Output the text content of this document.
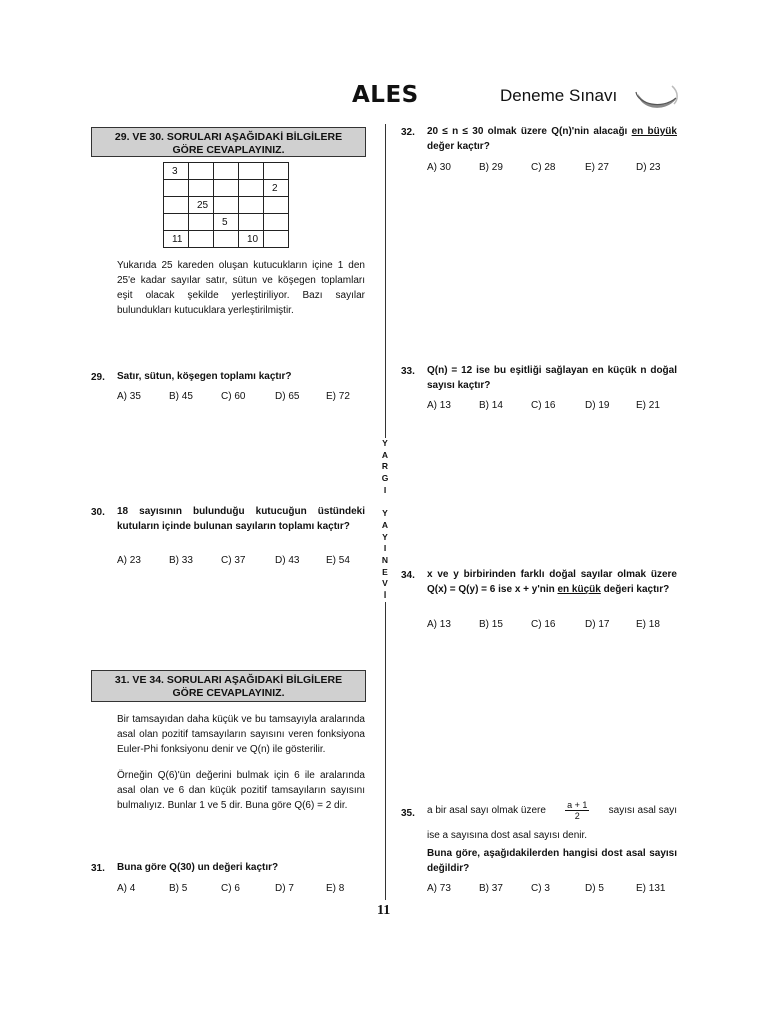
ALES	Deneme Sınavı
Y
A
R
G
I

Y
A
Y
I
N
E
V
İ
29. VE 30. SORULARI AŞAĞIDAKİ BİLGİLERE
GÖRE CEVAPLAYINIZ.
3				
				2
	25			
		5		
11			10	
Yukarıda 25 kareden oluşan kutucukların içine 1 den 25'e kadar sayılar satır, sütun ve köşegen toplamları eşit olacak şekilde yerleştiriliyor. Bazı sayılar bulundukları kutucuklara yerleştirilmiştir.
29. Satır, sütun, köşegen toplamı kaçtır?
A) 35	B) 45	C) 60	D) 65	E) 72
30. 18 sayısının bulunduğu kutucuğun üstündeki kutuların içinde bulunan sayıların toplamı kaçtır?
A) 23	B) 33	C) 37	D) 43	E) 54
31. VE 34. SORULARI AŞAĞIDAKİ BİLGİLERE
GÖRE CEVAPLAYINIZ.
Bir tamsayıdan daha küçük ve bu tamsayıyla aralarında asal olan pozitif tamsayıların sayısını veren fonksiyona Euler-Phi fonksiyonu denir ve Q(n) ile gösterilir.
Örneğin Q(6)'ün değerini bulmak için 6 ile aralarında asal olan ve 6 dan küçük pozitif tamsayıların sayısını bulmalıyız. Bunlar 1 ve 5 dir. Buna göre Q(6) = 2 dir.
31. Buna göre Q(30) un değeri kaçtır?
A) 4	B) 5	C) 6	D) 7	E) 8
32. 20 ≤ n ≤ 30 olmak üzere Q(n)'nin alacağı en büyük değer kaçtır?
A) 30	B) 29	C) 28	E) 27	D) 23
33. Q(n) = 12 ise bu eşitliği sağlayan en küçük n doğal sayısı kaçtır?
A) 13	B) 14	C) 16	D) 19	E) 21
34. x ve y birbirinden farklı doğal sayılar olmak üzere Q(x) = Q(y) = 6 ise x + y'nin en küçük değeri kaçtır?
A) 13	B) 15	C) 16	D) 17	E) 18
35. a bir asal sayı olmak üzere $\frac{a + 1}{2}$ sayısı asal sayı
ise a sayısına dost asal sayısı denir.
Buna göre, aşağıdakilerden hangisi dost asal sayısı değildir?
A) 73	B) 37	C) 3	D) 5	E) 131
11
